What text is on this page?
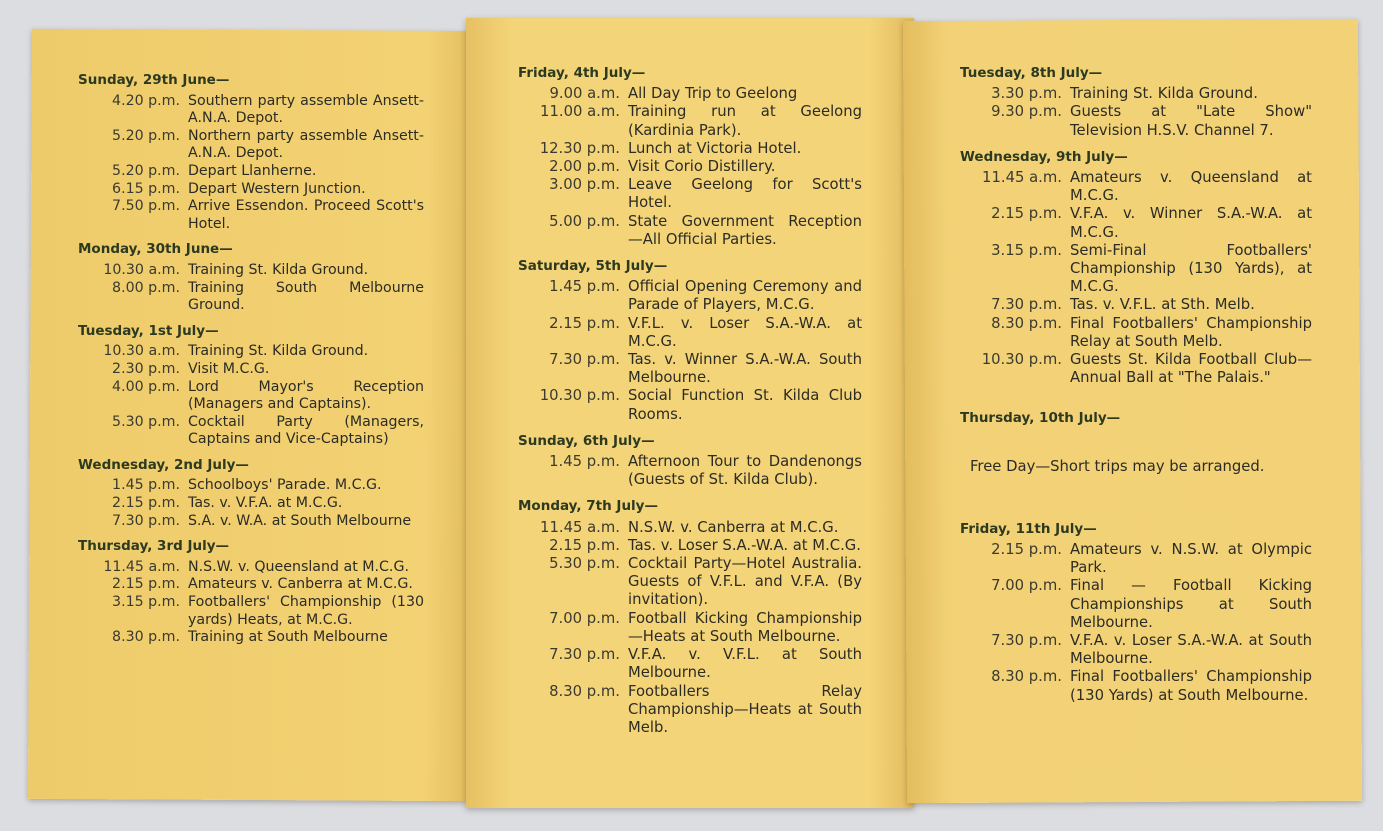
Sunday, 29th June—
4.20 p.m. Southern party assemble Ansett-A.N.A. Depot.
5.20 p.m. Northern party assemble Ansett-A.N.A. Depot.
5.20 p.m. Depart Llanherne.
6.15 p.m. Depart Western Junction.
7.50 p.m. Arrive Essendon. Proceed Scott's Hotel.
Monday, 30th June—
10.30 a.m. Training St. Kilda Ground.
8.00 p.m. Training South Melbourne Ground.
Tuesday, 1st July—
10.30 a.m. Training St. Kilda Ground.
2.30 p.m. Visit M.C.G.
4.00 p.m. Lord Mayor's Reception (Managers and Captains).
5.30 p.m. Cocktail Party (Managers, Captains and Vice-Captains)
Wednesday, 2nd July—
1.45 p.m. Schoolboys' Parade. M.C.G.
2.15 p.m. Tas. v. V.F.A. at M.C.G.
7.30 p.m. S.A. v. W.A. at South Melbourne
Thursday, 3rd July—
11.45 a.m. N.S.W. v. Queensland at M.C.G.
2.15 p.m. Amateurs v. Canberra at M.C.G.
3.15 p.m. Footballers' Championship (130 yards) Heats, at M.C.G.
8.30 p.m. Training at South Melbourne
Friday, 4th July—
9.00 a.m. All Day Trip to Geelong
11.00 a.m. Training run at Geelong (Kardinia Park).
12.30 p.m. Lunch at Victoria Hotel.
2.00 p.m. Visit Corio Distillery.
3.00 p.m. Leave Geelong for Scott's Hotel.
5.00 p.m. State Government Reception —All Official Parties.
Saturday, 5th July—
1.45 p.m. Official Opening Ceremony and Parade of Players, M.C.G.
2.15 p.m. V.F.L. v. Loser S.A.-W.A. at M.C.G.
7.30 p.m. Tas. v. Winner S.A.-W.A. South Melbourne.
10.30 p.m. Social Function St. Kilda Club Rooms.
Sunday, 6th July—
1.45 p.m. Afternoon Tour to Dandenongs (Guests of St. Kilda Club).
Monday, 7th July—
11.45 a.m. N.S.W. v. Canberra at M.C.G.
2.15 p.m. Tas. v. Loser S.A.-W.A. at M.C.G.
5.30 p.m. Cocktail Party—Hotel Australia. Guests of V.F.L. and V.F.A. (By invitation).
7.00 p.m. Football Kicking Championship—Heats at South Melbourne.
7.30 p.m. V.F.A. v. V.F.L. at South Melbourne.
8.30 p.m. Footballers Relay Championship—Heats at South Melb.
Tuesday, 8th July—
3.30 p.m. Training St. Kilda Ground.
9.30 p.m. Guests at "Late Show" Television H.S.V. Channel 7.
Wednesday, 9th July—
11.45 a.m. Amateurs v. Queensland at M.C.G.
2.15 p.m. V.F.A. v. Winner S.A.-W.A. at M.C.G.
3.15 p.m. Semi-Final Footballers' Championship (130 Yards), at M.C.G.
7.30 p.m. Tas. v. V.F.L. at Sth. Melb.
8.30 p.m. Final Footballers' Championship Relay at South Melb.
10.30 p.m. Guests St. Kilda Football Club—Annual Ball at "The Palais."
Thursday, 10th July—
Free Day—Short trips may be arranged.
Friday, 11th July—
2.15 p.m. Amateurs v. N.S.W. at Olympic Park.
7.00 p.m. Final — Football Kicking Championships at South Melbourne.
7.30 p.m. V.F.A. v. Loser S.A.-W.A. at South Melbourne.
8.30 p.m. Final Footballers' Championship (130 Yards) at South Melbourne.
